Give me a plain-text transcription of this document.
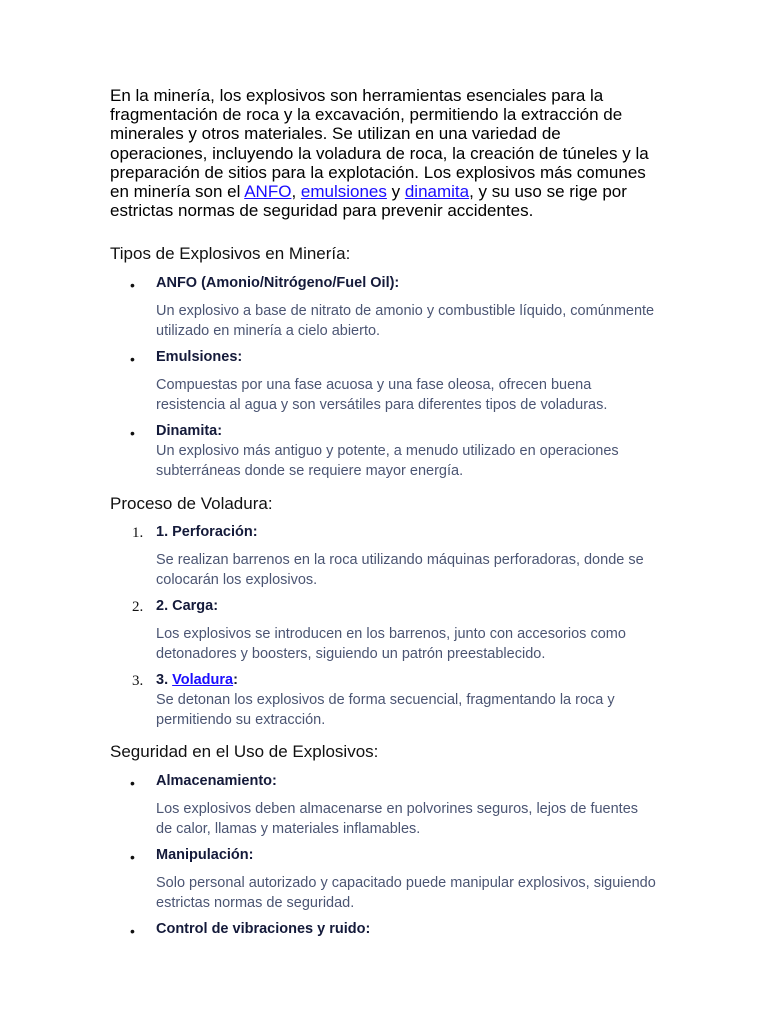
En la minería, los explosivos son herramientas esenciales para la fragmentación de roca y la excavación, permitiendo la extracción de minerales y otros materiales. Se utilizan en una variedad de operaciones, incluyendo la voladura de roca, la creación de túneles y la preparación de sitios para la explotación. Los explosivos más comunes en minería son el ANFO, emulsiones y dinamita, y su uso se rige por estrictas normas de seguridad para prevenir accidentes.

Tipos de Explosivos en Minería:
• ANFO (Amonio/Nitrógeno/Fuel Oil):
Un explosivo a base de nitrato de amonio y combustible líquido, comúnmente utilizado en minería a cielo abierto.
• Emulsiones:
Compuestas por una fase acuosa y una fase oleosa, ofrecen buena resistencia al agua y son versátiles para diferentes tipos de voladuras.
• Dinamita:
Un explosivo más antiguo y potente, a menudo utilizado en operaciones subterráneas donde se requiere mayor energía.
Proceso de Voladura:
1. 1. Perforación:
Se realizan barrenos en la roca utilizando máquinas perforadoras, donde se colocarán los explosivos.
2. 2. Carga:
Los explosivos se introducen en los barrenos, junto con accesorios como detonadores y boosters, siguiendo un patrón preestablecido.
3. 3. Voladura:
Se detonan los explosivos de forma secuencial, fragmentando la roca y permitiendo su extracción.
Seguridad en el Uso de Explosivos:
• Almacenamiento:
Los explosivos deben almacenarse en polvorines seguros, lejos de fuentes de calor, llamas y materiales inflamables.
• Manipulación:
Solo personal autorizado y capacitado puede manipular explosivos, siguiendo estrictas normas de seguridad.
• Control de vibraciones y ruido:
